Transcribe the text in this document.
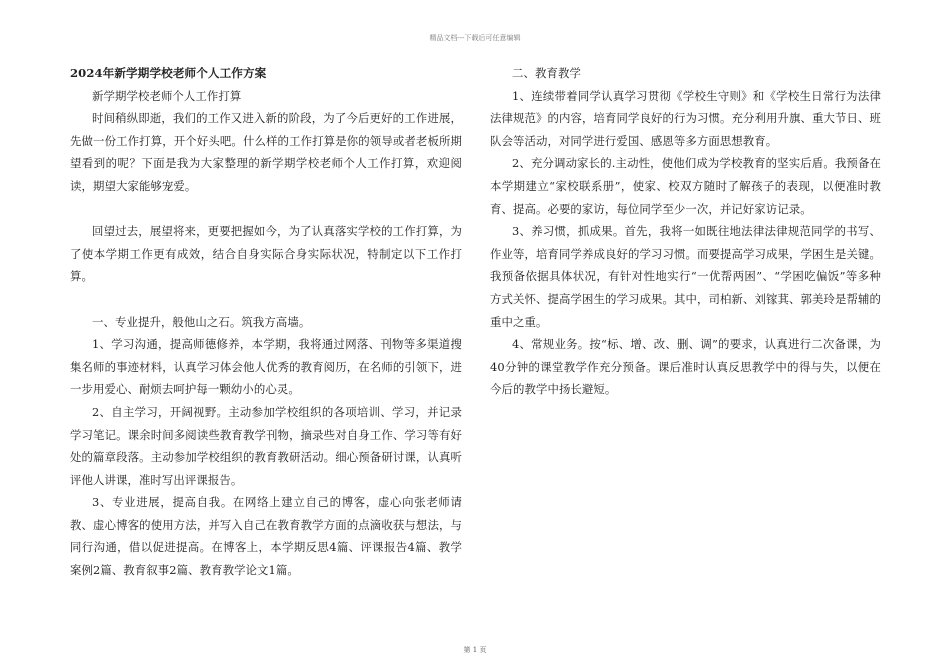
精品文档---下载后可任意编辑
2024年新学期学校老师个人工作方案

新学期学校老师个人工作打算

时间稍纵即逝，我们的工作又进入新的阶段，为了今后更好的工作进展，先做一份工作打算，开个好头吧。什么样的工作打算是你的领导或者老板所期望看到的呢？下面是我为大家整理的新学期学校老师个人工作打算，欢迎阅读，期望大家能够宠爱。

回望过去，展望将来，更要把握如今，为了认真落实学校的工作打算，为了使本学期工作更有成效，结合自身实际合身实际状况，特制定以下工作打算。

一、专业提升，般他山之石。筑我方高墙。

1、学习沟通，提高师德修养，本学期，我将通过网落、刊物等多渠道搜集名师的事迹材料，认真学习体会他人优秀的教育阅历，在名师的引领下，进一步用爱心、耐烦去呵护每一颗幼小的心灵。

2、自主学习，开阔视野。主动参加学校组织的各项培训、学习，并记录学习笔记。课余时间多阅读些教育教学刊物，摘录些对自身工作、学习等有好处的篇章段落。主动参加学校组织的教育教研活动。细心预备研讨课，认真听评他人讲课，准时写出评课报告。

3、专业进展，提高自我。在网络上建立自己的博客，虚心向张老师请教、虚心博客的使用方法，并写入自己在教育教学方面的点滴收获与想法，与同行沟通，借以促进提高。在博客上，本学期反思4篇、评课报告4篇、教学案例2篇、教育叙事2篇、教育教学论文1篇。

二、教育教学

1、连续带着同学认真学习贯彻《学校生守则》和《学校生日常行为法律法律规范》的内容，培育同学良好的行为习惯。充分利用升旗、重大节日、班队会等活动，对同学进行爱国、感恩等多方面思想教育。

2、充分调动家长的.主动性，使他们成为学校教育的坚实后盾。我预备在本学期建立“家校联系册”，使家、校双方随时了解孩子的表现，以便准时教育、提高。必要的家访，每位同学至少一次，并记好家访记录。

3、养习惯，抓成果。首先，我将一如既往地法律法律规范同学的书写、作业等，培育同学养成良好的学习习惯。而要提高学习成果，学困生是关键。我预备依据具体状况，有针对性地实行“一优帮两困”、“学困吃偏饭”等多种方式关怀、提高学困生的学习成果。其中，司柏新、刘镓萁、郭美玲是帮辅的重中之重。

4、常规业务。按“标、增、改、删、调”的要求，认真进行二次备课，为40分钟的课堂教学作充分预备。课后准时认真反思教学中的得与失，以便在今后的教学中扬长避短。

第 1 页
